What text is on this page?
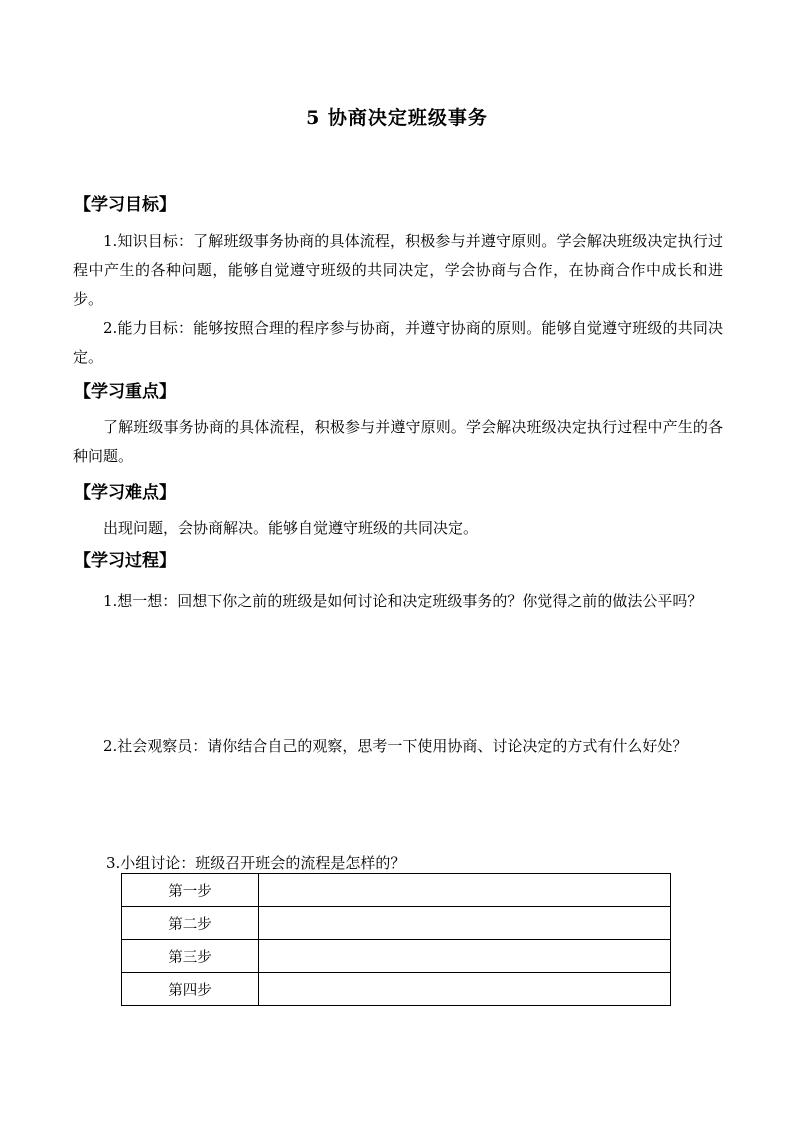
5 协商决定班级事务
【学习目标】
1.知识目标：了解班级事务协商的具体流程，积极参与并遵守原则。学会解决班级决定执行过程中产生的各种问题，能够自觉遵守班级的共同决定，学会协商与合作，在协商合作中成长和进步。
2.能力目标：能够按照合理的程序参与协商，并遵守协商的原则。能够自觉遵守班级的共同决定。
【学习重点】
了解班级事务协商的具体流程，积极参与并遵守原则。学会解决班级决定执行过程中产生的各种问题。
【学习难点】
出现问题，会协商解决。能够自觉遵守班级的共同决定。
【学习过程】
1.想一想：回想下你之前的班级是如何讨论和决定班级事务的？你觉得之前的做法公平吗？
2.社会观察员：请你结合自己的观察，思考一下使用协商、讨论决定的方式有什么好处？
3.小组讨论：班级召开班会的流程是怎样的？
第一步	
第二步	
第三步	
第四步	
